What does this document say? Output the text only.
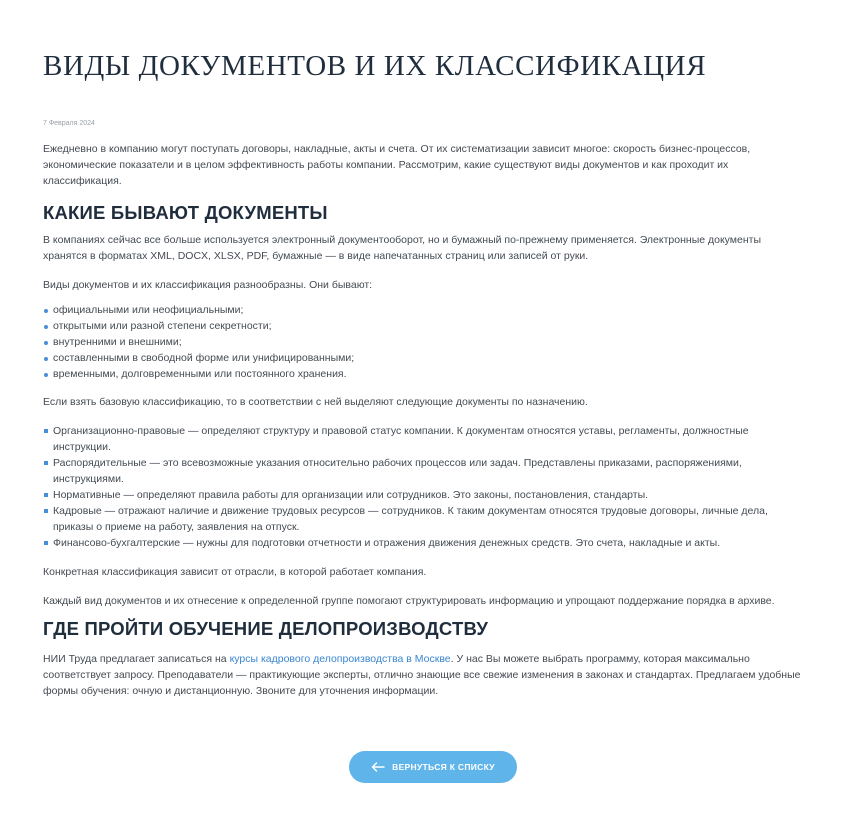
ВИДЫ ДОКУМЕНТОВ И ИХ КЛАССИФИКАЦИЯ
7 Февраля 2024

Ежедневно в компанию могут поступать договоры, накладные, акты и счета. От их систематизации зависит многое: скорость бизнес-процессов, экономические показатели и в целом эффективность работы компании. Рассмотрим, какие существуют виды документов и как проходит их классификация.

КАКИЕ БЫВАЮТ ДОКУМЕНТЫ

В компаниях сейчас все больше используется электронный документооборот, но и бумажный по-прежнему применяется. Электронные документы хранятся в форматах XML, DOCX, XLSX, PDF, бумажные — в виде напечатанных страниц или записей от руки.

Виды документов и их классификация разнообразны. Они бывают:

официальными или неофициальными;
открытыми или разной степени секретности;
внутренними и внешними;
составленными в свободной форме или унифицированными;
временными, долговременными или постоянного хранения.

Если взять базовую классификацию, то в соответствии с ней выделяют следующие документы по назначению.

Организационно-правовые — определяют структуру и правовой статус компании. К документам относятся уставы, регламенты, должностные инструкции.
Распорядительные — это всевозможные указания относительно рабочих процессов или задач. Представлены приказами, распоряжениями, инструкциями.
Нормативные — определяют правила работы для организации или сотрудников. Это законы, постановления, стандарты.
Кадровые — отражают наличие и движение трудовых ресурсов — сотрудников. К таким документам относятся трудовые договоры, личные дела, приказы о приеме на работу, заявления на отпуск.
Финансово-бухгалтерские — нужны для подготовки отчетности и отражения движения денежных средств. Это счета, накладные и акты.

Конкретная классификация зависит от отрасли, в которой работает компания.

Каждый вид документов и их отнесение к определенной группе помогают структурировать информацию и упрощают поддержание порядка в архиве.

ГДЕ ПРОЙТИ ОБУЧЕНИЕ ДЕЛОПРОИЗВОДСТВУ

НИИ Труда предлагает записаться на курсы кадрового делопроизводства в Москве. У нас Вы можете выбрать программу, которая максимально соответствует запросу. Преподаватели — практикующие эксперты, отлично знающие все свежие изменения в законах и стандартах. Предлагаем удобные формы обучения: очную и дистанционную. Звоните для уточнения информации.

ВЕРНУТЬСЯ К СПИСКУ
